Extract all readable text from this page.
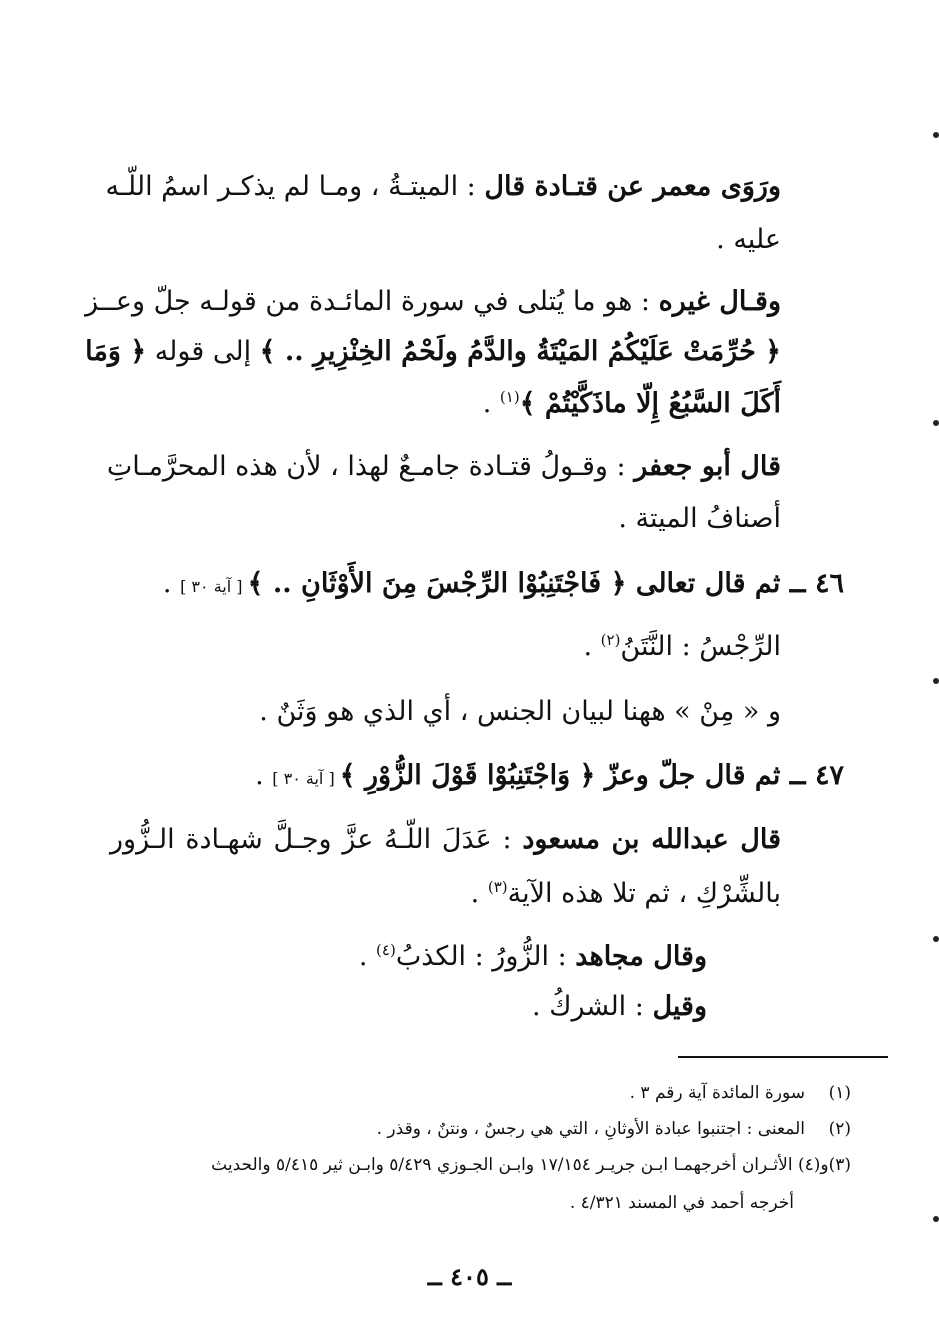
ورَوَى معمر عن قتـادة قال : الميتـةُ ، ومـا لم يذكـر اسمُ اللّـه
عليه .
وقـال غيره : هو ما يُتلى في سورة المائـدة من قولـه جلّ وعــز
﴿ حُرِّمَتْ عَلَيْكُمُ المَيْتَةُ والدَّمُ ولَحْمُ الخِنْزِيرِ .. ﴾ إلى قوله ﴿ وَمَا
أَكَلَ السَّبُعُ إِلّا ماذَكَّيْتُمْ ﴾$^{(١)}$ .
قال أبو جعفر : وقـولُ قتـادة جامـعٌ لهذا ، لأن هذه المحرَّمـاتِ
أصنافُ الميتة .
٤٦ ــ ثم قال تعالى ﴿ فَاجْتَنِبُوْا الرِّجْسَ مِنَ الأَوْثَانِ .. ﴾ [ آية ٣٠ ] .
الرِّجْسُ : النَّتَنُ$^{(٢)}$ .
و « مِنْ » ههنا لبيان الجنس ، أي الذي هو وَثَنٌ .
٤٧ ــ ثم قال جلّ وعزّ ﴿ وَاجْتَنِبُوْا قَوْلَ الزُّوْرِ ﴾ [ آية ٣٠ ] .
قال عبدالله بن مسعود : عَدَلَ اللّـهُ عزَّ وجـلَّ شهـادة الـزُّور
بالشِّرْكِ ، ثم تلا هذه الآية$^{(٣)}$ .
وقال مجاهد : الزُّورُ : الكذبُ$^{(٤)}$ .
وقيل : الشركُ .
(١)سورة المائدة آية رقم ٣ .
(٢)المعنى : اجتنبوا عبادة الأوثانِ ، التي هي رجسٌ ، ونتنٌ ، وقذر .
(٣)و(٤) الأثـران أخرجهمـا ابـن جريـر ١٧/١٥٤ وابـن الجـوزي ٥/٤٢٩ وابـن ثير ٥/٤١٥ والحديث
أخرجه أحمد في المسند ٤/٣٢١ .
ــ ٤٠٥ ــ
